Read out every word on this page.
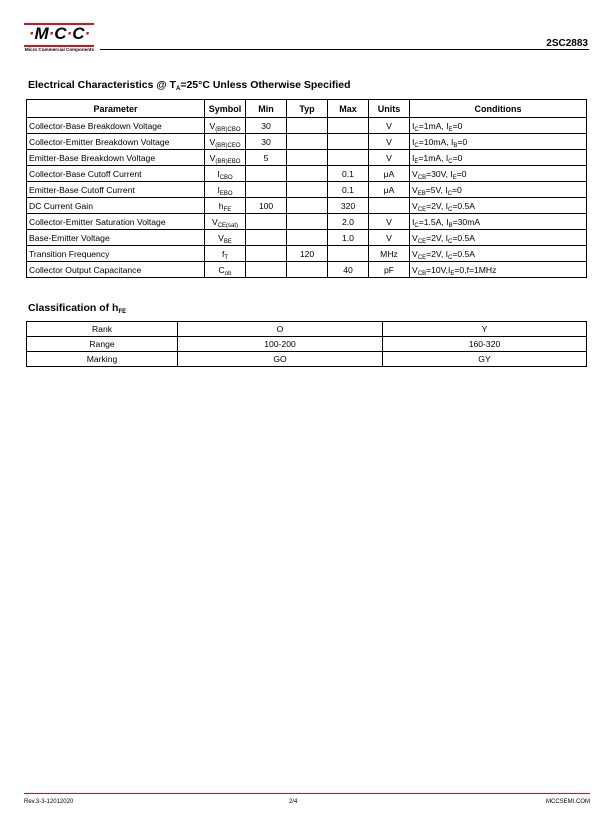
·M·C·C·
Micro Commercial Components
2SC2883
Electrical Characteristics @ $T_A=25^\circ C$ Unless Otherwise Specified
Parameter	Symbol	Min	Typ	Max	Units	Conditions
Collector-Base Breakdown Voltage	$V_{(BR)CBO}$	30			V	$I_C=1mA$, $I_E=0$
Collector-Emitter Breakdown Voltage	$V_{(BR)CEO}$	30			V	$I_C=10mA$, $I_B=0$
Emitter-Base Breakdown Voltage	$V_{(BR)EBO}$	5			V	$I_E=1mA$, $I_C=0$
Collector-Base Cutoff Current	$I_{CBO}$			0.1	μA	$V_{CB}=30V$, $I_E=0$
Emitter-Base Cutoff Current	$I_{EBO}$			0.1	μA	$V_{EB}=5V$, $I_C=0$
DC Current Gain	$h_{FE}$	100		320		$V_{CE}=2V$, $I_C=0.5A$
Collector-Emitter Saturation Voltage	$V_{CE(sat)}$			2.0	V	$I_C=1.5A$, $I_B=30mA$
Base-Emitter Voltage	$V_{BE}$			1.0	V	$V_{CE}=2V$, $I_C=0.5A$
Transition Frequency	$f_T$		120		MHz	$V_{CE}=2V$, $I_C=0.5A$
Collector Output Capacitance	$C_{ob}$			40	pF	$V_{CB}=10V,I_E=0,f=1MHz$
Classification of $h_{FE}$
Rank	O	Y
Range	100-200	160-320
Marking	GO	GY
Rev.3-3-12012020	2/4	MCCSEMI.COM
